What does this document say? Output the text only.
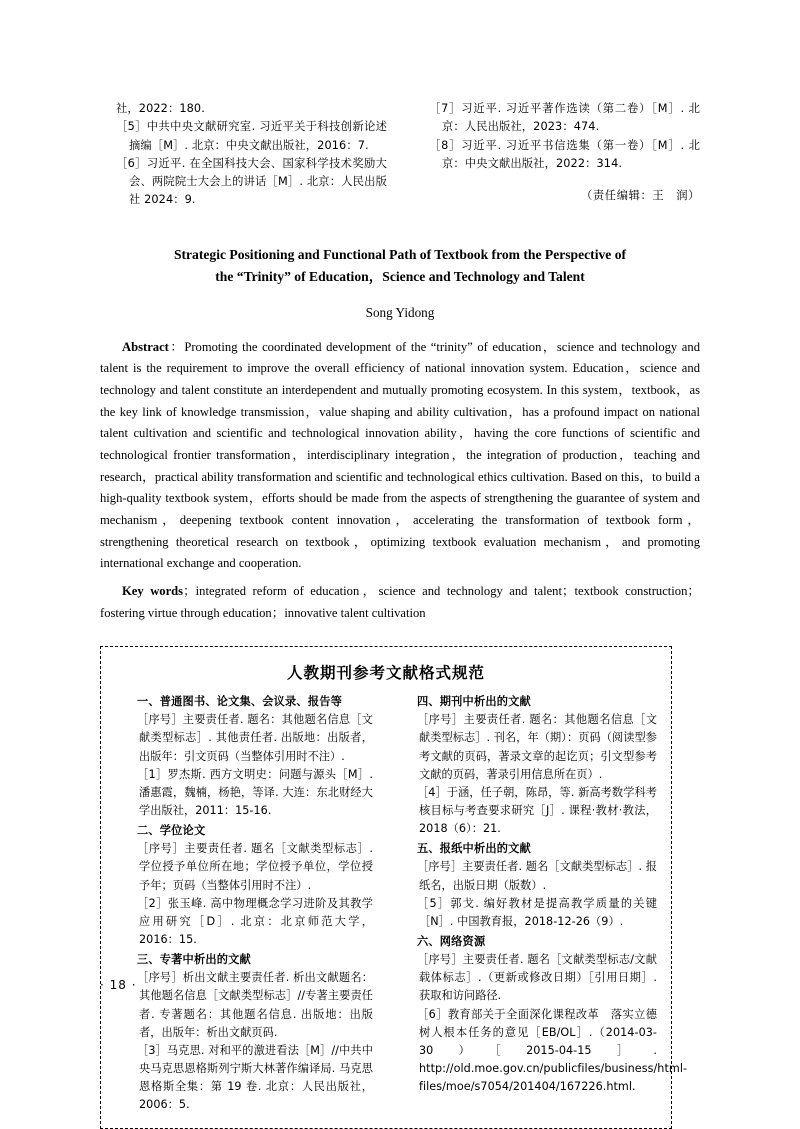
社，2022：180.
［5］中共中央文献研究室. 习近平关于科技创新论述摘编［M］. 北京：中央文献出版社，2016：7.
［6］习近平. 在全国科技大会、国家科学技术奖励大会、两院院士大会上的讲话［M］. 北京：人民出版社 2024：9.
［7］习近平. 习近平著作选读（第二卷）［M］. 北京：人民出版社，2023：474.
［8］习近平. 习近平书信选集（第一卷）［M］. 北京：中央文献出版社，2022：314.
（责任编辑：王　润）
Strategic Positioning and Functional Path of Textbook from the Perspective of
the “Trinity” of Education，Science and Technology and Talent
Song Yidong
Abstract：Promoting the coordinated development of the “trinity” of education，science and technology and talent is the requirement to improve the overall efficiency of national innovation system. Education，science and technology and talent constitute an interdependent and mutually promoting ecosystem. In this system，textbook，as the key link of knowledge transmission，value shaping and ability cultivation，has a profound impact on national talent cultivation and scientific and technological innovation ability，having the core functions of scientific and technological frontier transformation，interdisciplinary integration，the integration of production，teaching and research，practical ability transformation and scientific and technological ethics cultivation. Based on this，to build a high-quality textbook system，efforts should be made from the aspects of strengthening the guarantee of system and mechanism，deepening textbook content innovation，accelerating the transformation of textbook form，strengthening theoretical research on textbook，optimizing textbook evaluation mechanism，and promoting international exchange and cooperation.
Key words；integrated reform of education，science and technology and talent；textbook construction；fostering virtue through education；innovative talent cultivation
人教期刊参考文献格式规范
一、普通图书、论文集、会议录、报告等
［序号］主要责任者. 题名：其他题名信息［文献类型标志］. 其他责任者. 出版地：出版者，出版年：引文页码（当整体引用时不注）.
［1］罗杰斯. 西方文明史：问题与源头［M］. 潘惠霞，魏楠，杨艳，等译. 大连：东北财经大学出版社，2011：15-16.
二、学位论文
［序号］主要责任者. 题名［文献类型标志］. 学位授予单位所在地；学位授予单位，学位授予年；页码（当整体引用时不注）.
［2］张玉峰. 高中物理概念学习进阶及其教学应用研究［D］. 北京：北京师范大学，2016：15.
三、专著中析出的文献
［序号］析出文献主要责任者. 析出文献题名：其他题名信息［文献类型标志］//专著主要责任者. 专著题名：其他题名信息. 出版地：出版者，出版年：析出文献页码.
［3］马克思. 对和平的激进看法［M］//中共中央马克思恩格斯列宁斯大林著作编译局. 马克思恩格斯全集：第 19 卷. 北京：人民出版社，2006：5.
四、期刊中析出的文献
［序号］主要责任者. 题名：其他题名信息［文献类型标志］. 刊名，年（期）：页码（阅读型参考文献的页码，著录文章的起讫页；引文型参考文献的页码，著录引用信息所在页）.
［4］于涵，任子朝，陈昂，等. 新高考数学科考核目标与考查要求研究［J］. 课程·教材·教法，2018（6）：21.
五、报纸中析出的文献
［序号］主要责任者. 题名［文献类型标志］. 报纸名，出版日期（版数）.
［5］郭戈. 编好教材是提高教学质量的关键［N］. 中国教育报，2018-12-26（9）.
六、网络资源
［序号］主要责任者. 题名［文献类型标志/文献载体标志］.（更新或修改日期）［引用日期］. 获取和访问路径.
［6］教育部关于全面深化课程改革　落实立德树人根本任务的意见［EB/OL］.（2014-03-30）［2015-04-15］. http://old.moe.gov.cn/publicfiles/business/html-files/moe/s7054/201404/167226.html.
· 18 ·
